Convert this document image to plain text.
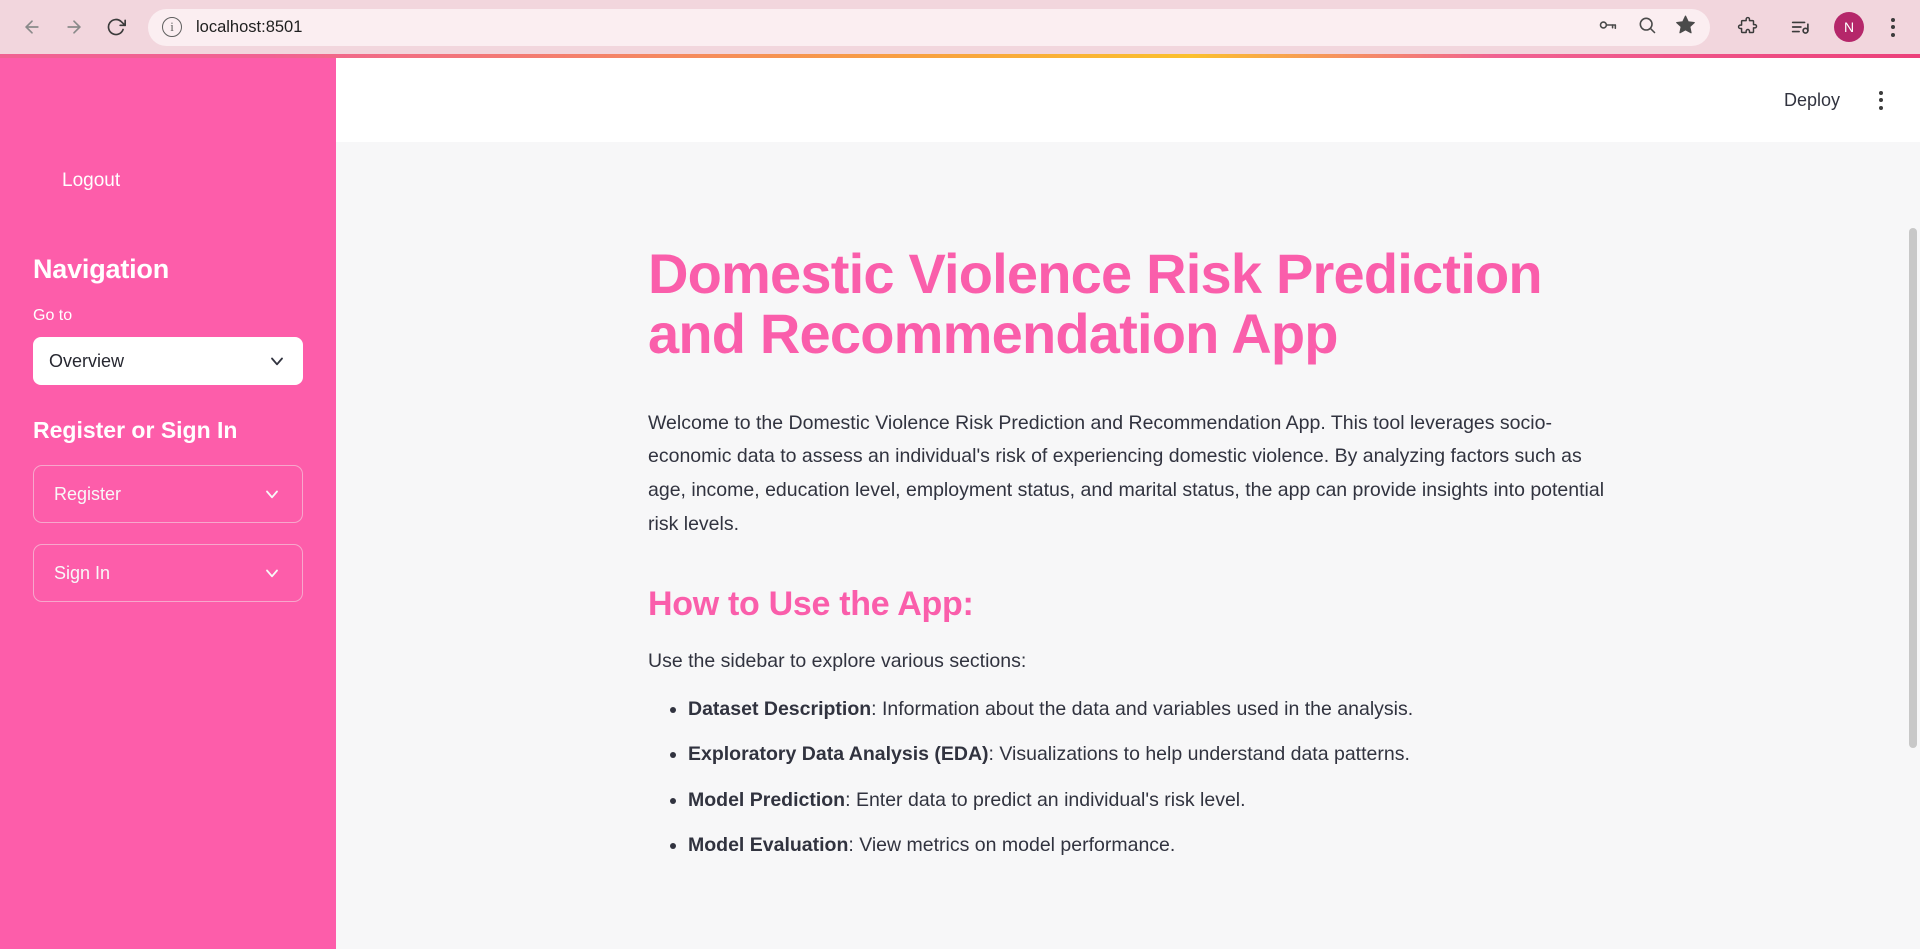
i	localhost:8501	N
Logout
Navigation
Go to
Overview
Register or Sign In
Register
Sign In
Deploy
Domestic Violence Risk Prediction and Recommendation App

Welcome to the Domestic Violence Risk Prediction and Recommendation App. This tool leverages socio-economic data to assess an individual's risk of experiencing domestic violence. By analyzing factors such as age, income, education level, employment status, and marital status, the app can provide insights into potential risk levels.

How to Use the App:

Use the sidebar to explore various sections:

• Dataset Description: Information about the data and variables used in the analysis.
• Exploratory Data Analysis (EDA): Visualizations to help understand data patterns.
• Model Prediction: Enter data to predict an individual's risk level.
• Model Evaluation: View metrics on model performance.
